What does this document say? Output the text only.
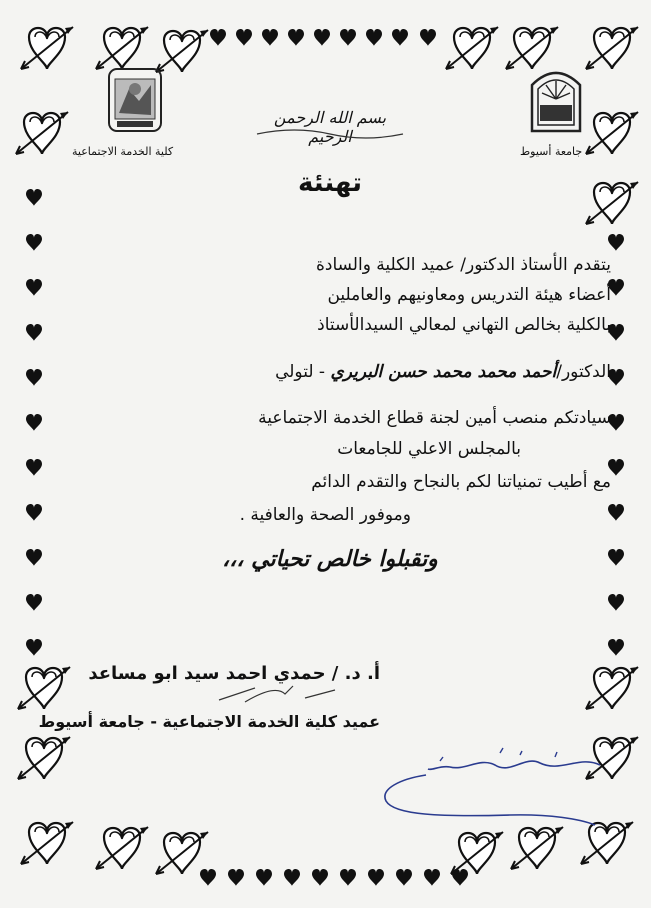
كلية الخدمة الاجتماعية	جامعة أسيوط
بسم الله الرحمن الرحيم
تهنئة
يتقدم الأستاذ الدكتور/ عميد الكلية والسادة
أعضاء هيئة التدريس ومعاونيهم والعاملين
بالكلية بخالص التهاني لمعالي السيدالأستاذ
الدكتور/أحمد محمد محمد حسن البريري - لتولي
سيادتكم منصب أمين لجنة قطاع الخدمة الاجتماعية
بالمجلس الاعلي للجامعات
مع أطيب تمنياتنا لكم بالنجاح والتقدم الدائم
وموفور الصحة والعافية .
وتقبلوا خالص تحياتي ،،،
أ. د. / حمدي احمد سيد ابو مساعد
عميد كلية الخدمة الاجتماعية - جامعة أسيوط
